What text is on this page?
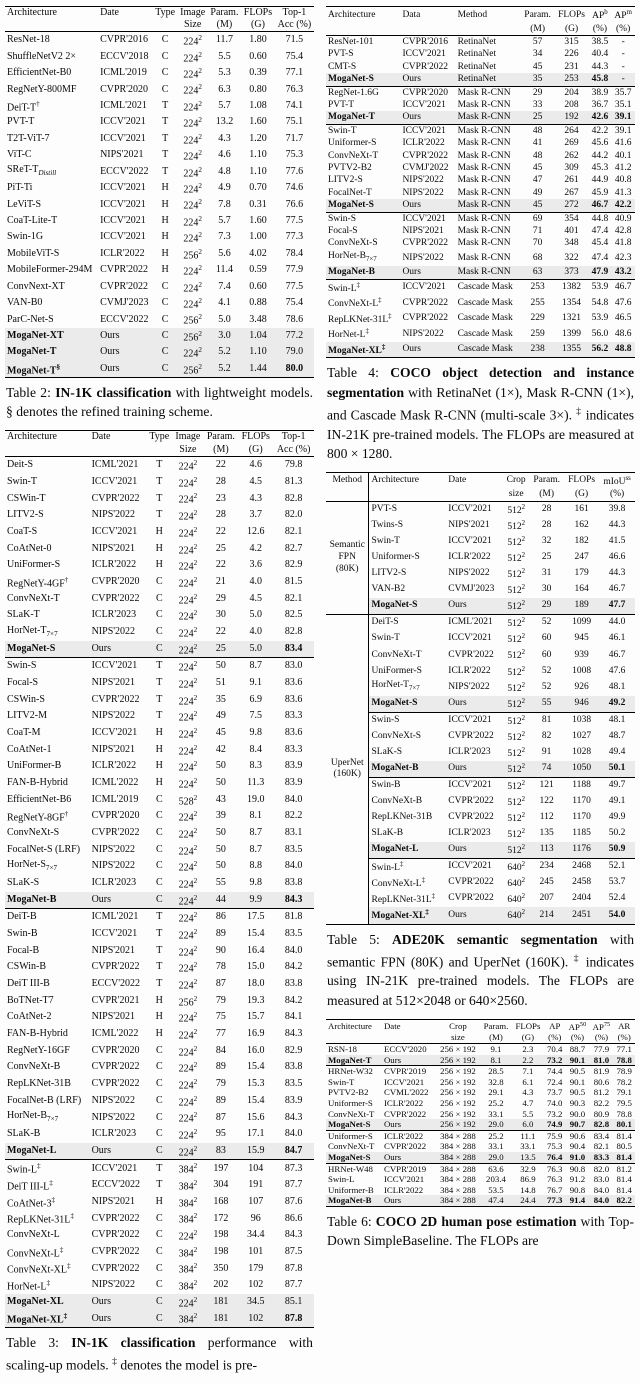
Architecture	Date	Type	Image	Param.	FLOPs	Top-1
			Size	(M)	(G)	Acc (%)
ResNet-18	CVPR'2016	C	$224^2$	11.7	1.80	71.5
ShuffleNetV2 2×	ECCV'2018	C	$224^2$	5.5	0.60	75.4
EfficientNet-B0	ICML'2019	C	$224^2$	5.3	0.39	77.1
RegNetY-800MF	CVPR'2020	C	$224^2$	6.3	0.80	76.3
DeiT-T†	ICML'2021	T	$224^2$	5.7	1.08	74.1
PVT-T	ICCV'2021	T	$224^2$	13.2	1.60	75.1
T2T-ViT-7	ICCV'2021	T	$224^2$	4.3	1.20	71.7
ViT-C	NIPS'2021	T	$224^2$	4.6	1.10	75.3
SReT-$T_{Distill}$	ECCV'2022	T	$224^2$	4.8	1.10	77.6
PiT-Ti	ICCV'2021	H	$224^2$	4.9	0.70	74.6
LeViT-S	ICCV'2021	H	$224^2$	7.8	0.31	76.6
CoaT-Lite-T	ICCV'2021	H	$224^2$	5.7	1.60	77.5
Swin-1G	ICCV'2021	H	$224^2$	7.3	1.00	77.3
MobileViT-S	ICLR'2022	H	$256^2$	5.6	4.02	78.4
MobileFormer-294M	CVPR'2022	H	$224^2$	11.4	0.59	77.9
ConvNext-XT	CVPR'2022	C	$224^2$	7.4	0.60	77.5
VAN-B0	CVMJ'2023	C	$224^2$	4.1	0.88	75.4
ParC-Net-S	ECCV'2022	C	$256^2$	5.0	3.48	78.6
MogaNet-XT	Ours	C	$256^2$	3.0	1.04	77.2
MogaNet-T	Ours	C	$224^2$	5.2	1.10	79.0
MogaNet-T§	Ours	C	$256^2$	5.2	1.44	80.0
Table 2: IN-1K classification with lightweight models. § denotes the refined training scheme.
Architecture	Date	Type	Image	Param.	FLOPs	Top-1
			Size	(M)	(G)	Acc (%)
Deit-S	ICML'2021	T	$224^2$	22	4.6	79.8
Swin-T	ICCV'2021	T	$224^2$	28	4.5	81.3
CSWin-T	CVPR'2022	T	$224^2$	23	4.3	82.8
LITV2-S	NIPS'2022	T	$224^2$	28	3.7	82.0
CoaT-S	ICCV'2021	H	$224^2$	22	12.6	82.1
CoAtNet-0	NIPS'2021	H	$224^2$	25	4.2	82.7
UniFormer-S	ICLR'2022	H	$224^2$	22	3.6	82.9
RegNetY-4GF†	CVPR'2020	C	$224^2$	21	4.0	81.5
ConvNeXt-T	CVPR'2022	C	$224^2$	29	4.5	82.1
SLaK-T	ICLR'2023	C	$224^2$	30	5.0	82.5
HorNet-$T_{7\times 7}$	NIPS'2022	C	$224^2$	22	4.0	82.8
MogaNet-S	Ours	C	$224^2$	25	5.0	83.4
Swin-S	ICCV'2021	T	$224^2$	50	8.7	83.0
Focal-S	NIPS'2021	T	$224^2$	51	9.1	83.6
CSWin-S	CVPR'2022	T	$224^2$	35	6.9	83.6
LITV2-M	NIPS'2022	T	$224^2$	49	7.5	83.3
CoaT-M	ICCV'2021	H	$224^2$	45	9.8	83.6
CoAtNet-1	NIPS'2021	H	$224^2$	42	8.4	83.3
UniFormer-B	ICLR'2022	H	$224^2$	50	8.3	83.9
FAN-B-Hybrid	ICML'2022	H	$224^2$	50	11.3	83.9
EfficientNet-B6	ICML'2019	C	$528^2$	43	19.0	84.0
RegNetY-8GF†	CVPR'2020	C	$224^2$	39	8.1	82.2
ConvNeXt-S	CVPR'2022	C	$224^2$	50	8.7	83.1
FocalNet-S (LRF)	NIPS'2022	C	$224^2$	50	8.7	83.5
HorNet-$S_{7\times 7}$	NIPS'2022	C	$224^2$	50	8.8	84.0
SLaK-S	ICLR'2023	C	$224^2$	55	9.8	83.8
MogaNet-B	Ours	C	$224^2$	44	9.9	84.3
DeiT-B	ICML'2021	T	$224^2$	86	17.5	81.8
Swin-B	ICCV'2021	T	$224^2$	89	15.4	83.5
Focal-B	NIPS'2021	T	$224^2$	90	16.4	84.0
CSWin-B	CVPR'2022	T	$224^2$	78	15.0	84.2
DeiT III-B	ECCV'2022	T	$224^2$	87	18.0	83.8
BoTNet-T7	CVPR'2021	H	$256^2$	79	19.3	84.2
CoAtNet-2	NIPS'2021	H	$224^2$	75	15.7	84.1
FAN-B-Hybrid	ICML'2022	H	$224^2$	77	16.9	84.3
RegNetY-16GF	CVPR'2020	C	$224^2$	84	16.0	82.9
ConvNeXt-B	CVPR'2022	C	$224^2$	89	15.4	83.8
RepLKNet-31B	CVPR'2022	C	$224^2$	79	15.3	83.5
FocalNet-B (LRF)	NIPS'2022	C	$224^2$	89	15.4	83.9
HorNet-$B_{7\times 7}$	NIPS'2022	C	$224^2$	87	15.6	84.3
SLaK-B	ICLR'2023	C	$224^2$	95	17.1	84.0
MogaNet-L	Ours	C	$224^2$	83	15.9	84.7
Swin-L‡	ICCV'2021	T	$384^2$	197	104	87.3
DeiT III-L‡	ECCV'2022	T	$384^2$	304	191	87.7
CoAtNet-3‡	NIPS'2021	H	$384^2$	168	107	87.6
RepLKNet-31L‡	CVPR'2022	C	$384^2$	172	96	86.6
ConvNeXt-L	CVPR'2022	C	$224^2$	198	34.4	84.3
ConvNeXt-L‡	CVPR'2022	C	$384^2$	198	101	87.5
ConvNeXt-XL‡	CVPR'2022	C	$384^2$	350	179	87.8
HorNet-L‡	NIPS'2022	C	$384^2$	202	102	87.7
MogaNet-XL	Ours	C	$224^2$	181	34.5	85.1
MogaNet-XL‡	Ours	C	$384^2$	181	102	87.8
Table 3: IN-1K classification performance with scaling-up models. ‡ denotes the model is pre-
Architecture	Data	Method	Param.	FLOPs	$AP^b$	$AP^m$
			(M)	(G)	(%)	(%)
ResNet-101	CVPR'2016	RetinaNet	57	315	38.5	-
PVT-S	ICCV'2021	RetinaNet	34	226	40.4	-
CMT-S	CVPR'2022	RetinaNet	45	231	44.3	-
MogaNet-S	Ours	RetinaNet	35	253	45.8	-
RegNet-1.6G	CVPR'2020	Mask R-CNN	29	204	38.9	35.7
PVT-T	ICCV'2021	Mask R-CNN	33	208	36.7	35.1
MogaNet-T	Ours	Mask R-CNN	25	192	42.6	39.1
Swin-T	ICCV'2021	Mask R-CNN	48	264	42.2	39.1
Uniformer-S	ICLR'2022	Mask R-CNN	41	269	45.6	41.6
ConvNeXt-T	CVPR'2022	Mask R-CNN	48	262	44.2	40.1
PVTV2-B2	CVMJ'2022	Mask R-CNN	45	309	45.3	41.2
LITV2-S	NIPS'2022	Mask R-CNN	47	261	44.9	40.8
FocalNet-T	NIPS'2022	Mask R-CNN	49	267	45.9	41.3
MogaNet-S	Ours	Mask R-CNN	45	272	46.7	42.2
Swin-S	ICCV'2021	Mask R-CNN	69	354	44.8	40.9
Focal-S	NIPS'2021	Mask R-CNN	71	401	47.4	42.8
ConvNeXt-S	CVPR'2022	Mask R-CNN	70	348	45.4	41.8
HorNet-$B_{7\times 7}$	NIPS'2022	Mask R-CNN	68	322	47.4	42.3
MogaNet-B	Ours	Mask R-CNN	63	373	47.9	43.2
Swin-L‡	ICCV'2021	Cascade Mask	253	1382	53.9	46.7
ConvNeXt-L‡	CVPR'2022	Cascade Mask	255	1354	54.8	47.6
RepLKNet-31L‡	CVPR'2022	Cascade Mask	229	1321	53.9	46.5
HorNet-L‡	NIPS'2022	Cascade Mask	259	1399	56.0	48.6
MogaNet-XL‡	Ours	Cascade Mask	238	1355	56.2	48.8
Table 4: COCO object detection and instance segmentation with RetinaNet (1×), Mask R-CNN (1×), and Cascade Mask R-CNN (multi-scale 3×). ‡ indicates IN-21K pre-trained models. The FLOPs are measured at 800 × 1280.
Method	Architecture	Date	Crop	Param.	FLOPs	mIoU$^{ss}$
			size	(M)	(G)	(%)
Semantic
FPN
(80K)	PVT-S	ICCV'2021	$512^2$	28	161	39.8
	Twins-S	NIPS'2021	$512^2$	28	162	44.3
	Swin-T	ICCV'2021	$512^2$	32	182	41.5
	Uniformer-S	ICLR'2022	$512^2$	25	247	46.6
	LITV2-S	NIPS'2022	$512^2$	31	179	44.3
	VAN-B2	CVMJ'2023	$512^2$	30	164	46.7
	MogaNet-S	Ours	$512^2$	29	189	47.7
UperNet
(160K)	DeiT-S	ICML'2021	$512^2$	52	1099	44.0
	Swin-T	ICCV'2021	$512^2$	60	945	46.1
	ConvNeXt-T	CVPR'2022	$512^2$	60	939	46.7
	UniFormer-S	ICLR'2022	$512^2$	52	1008	47.6
	HorNet-$T_{7\times 7}$	NIPS'2022	$512^2$	52	926	48.1
	MogaNet-S	Ours	$512^2$	55	946	49.2
	Swin-S	ICCV'2021	$512^2$	81	1038	48.1
	ConvNeXt-S	CVPR'2022	$512^2$	82	1027	48.7
	SLaK-S	ICLR'2023	$512^2$	91	1028	49.4
	MogaNet-B	Ours	$512^2$	74	1050	50.1
	Swin-B	ICCV'2021	$512^2$	121	1188	49.7
	ConvNeXt-B	CVPR'2022	$512^2$	122	1170	49.1
	RepLKNet-31B	CVPR'2022	$512^2$	112	1170	49.9
	SLaK-B	ICLR'2023	$512^2$	135	1185	50.2
	MogaNet-L	Ours	$512^2$	113	1176	50.9
	Swin-L‡	ICCV'2021	$640^2$	234	2468	52.1
	ConvNeXt-L‡	CVPR'2022	$640^2$	245	2458	53.7
	RepLKNet-31L‡	CVPR'2022	$640^2$	207	2404	52.4
	MogaNet-XL‡	Ours	$640^2$	214	2451	54.0
Table 5: ADE20K semantic segmentation with semantic FPN (80K) and UperNet (160K). ‡ indicates using IN-21K pre-trained models. The FLOPs are measured at 512×2048 or 640×2560.
Architecture	Date	Crop	Param.	FLOPs	AP	AP$^{50}$	AP$^{75}$	AR
		size	(M)	(G)	(%)	(%)	(%)	(%)
RSN-18	ECCV'2020	256 × 192	9.1	2.3	70.4	88.7	77.9	77.1
MogaNet-T	Ours	256 × 192	8.1	2.2	73.2	90.1	81.0	78.8
HRNet-W32	CVPR'2019	256 × 192	28.5	7.1	74.4	90.5	81.9	78.9
Swin-T	ICCV'2021	256 × 192	32.8	6.1	72.4	90.1	80.6	78.2
PVTV2-B2	CVML'2022	256 × 192	29.1	4.3	73.7	90.5	81.2	79.1
Uniformer-S	ICLR'2022	256 × 192	25.2	4.7	74.0	90.3	82.2	79.5
ConvNeXt-T	CVPR'2022	256 × 192	33.1	5.5	73.2	90.0	80.9	78.8
MogaNet-S	Ours	256 × 192	29.0	6.0	74.9	90.7	82.8	80.1
Uniformer-S	ICLR'2022	384 × 288	25.2	11.1	75.9	90.6	83.4	81.4
ConvNeXt-T	CVPR'2022	384 × 288	33.1	33.1	75.3	90.4	82.1	80.5
MogaNet-S	Ours	384 × 288	29.0	13.5	76.4	91.0	83.3	81.4
HRNet-W48	CVPR'2019	384 × 288	63.6	32.9	76.3	90.8	82.0	81.2
Swin-L	ICCV'2021	384 × 288	203.4	86.9	76.3	91.2	83.0	81.4
Uniformer-B	ICLR'2022	384 × 288	53.5	14.8	76.7	90.8	84.0	81.4
MogaNet-B	Ours	384 × 288	47.4	24.4	77.3	91.4	84.0	82.2
Table 6: COCO 2D human pose estimation with Top-Down SimpleBaseline. The FLOPs are
